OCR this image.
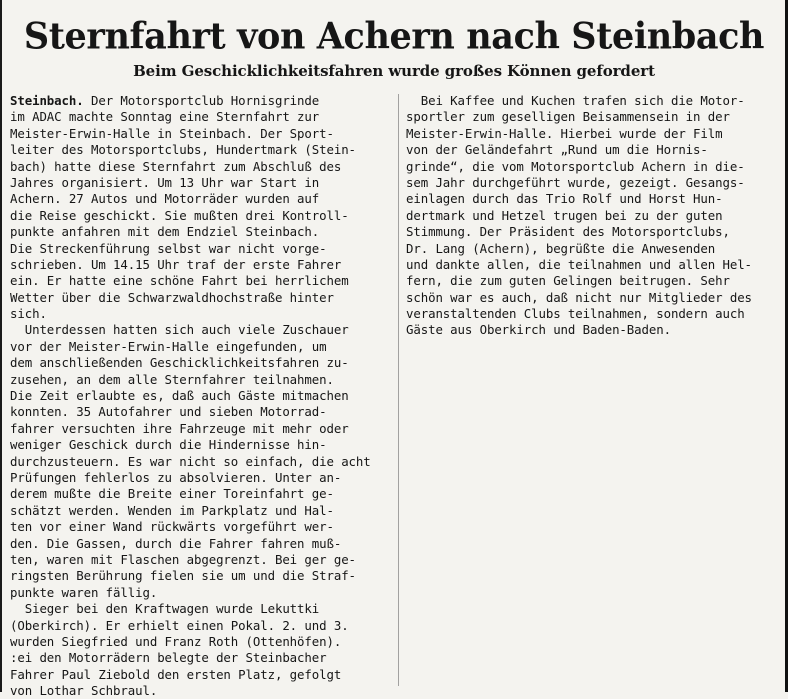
Sternfahrt von Achern nach Steinbach
Beim Geschicklichkeitsfahren wurde großes Können gefordert
Steinbach. Der Motorsportclub Hornisgrinde
im ADAC machte Sonntag eine Sternfahrt zur
Meister-Erwin-Halle in Steinbach. Der Sport-
leiter des Motorsportclubs, Hundertmark (Stein-
bach) hatte diese Sternfahrt zum Abschluß des
Jahres organisiert. Um 13 Uhr war Start in
Achern. 27 Autos und Motorräder wurden auf
die Reise geschickt. Sie mußten drei Kontroll-
punkte anfahren mit dem Endziel Steinbach.
Die Streckenführung selbst war nicht vorge-
schrieben. Um 14.15 Uhr traf der erste Fahrer
ein. Er hatte eine schöne Fahrt bei herrlichem
Wetter über die Schwarzwaldhochstraße hinter
sich.
Unterdessen hatten sich auch viele Zuschauer
vor der Meister-Erwin-Halle eingefunden, um
dem anschließenden Geschicklichkeitsfahren zu-
zusehen, an dem alle Sternfahrer teilnahmen.
Die Zeit erlaubte es, daß auch Gäste mitmachen
konnten. 35 Autofahrer und sieben Motorrad-
fahrer versuchten ihre Fahrzeuge mit mehr oder
weniger Geschick durch die Hindernisse hin-
durchzusteuern. Es war nicht so einfach, die acht
Prüfungen fehlerlos zu absolvieren. Unter an-
derem mußte die Breite einer Toreinfahrt ge-
schätzt werden. Wenden im Parkplatz und Hal-
ten vor einer Wand rückwärts vorgeführt wer-
den. Die Gassen, durch die Fahrer fahren muß-
ten, waren mit Flaschen abgegrenzt. Bei ger ge-
ringsten Berührung fielen sie um und die Straf-
punkte waren fällig.
Sieger bei den Kraftwagen wurde Lekuttki
(Oberkirch). Er erhielt einen Pokal. 2. und 3.
wurden Siegfried und Franz Roth (Ottenhöfen).
:ei den Motorrädern belegte der Steinbacher
Fahrer Paul Ziebold den ersten Platz, gefolgt
von Lothar Schbraul.
Bei Kaffee und Kuchen trafen sich die Motor-
sportler zum geselligen Beisammensein in der
Meister-Erwin-Halle. Hierbei wurde der Film
von der Geländefahrt „Rund um die Hornis-
grinde“, die vom Motorsportclub Achern in die-
sem Jahr durchgeführt wurde, gezeigt. Gesangs-
einlagen durch das Trio Rolf und Horst Hun-
dertmark und Hetzel trugen bei zu der guten
Stimmung. Der Präsident des Motorsportclubs,
Dr. Lang (Achern), begrüßte die Anwesenden
und dankte allen, die teilnahmen und allen Hel-
fern, die zum guten Gelingen beitrugen. Sehr
schön war es auch, daß nicht nur Mitglieder des
veranstaltenden Clubs teilnahmen, sondern auch
Gäste aus Oberkirch und Baden-Baden.
